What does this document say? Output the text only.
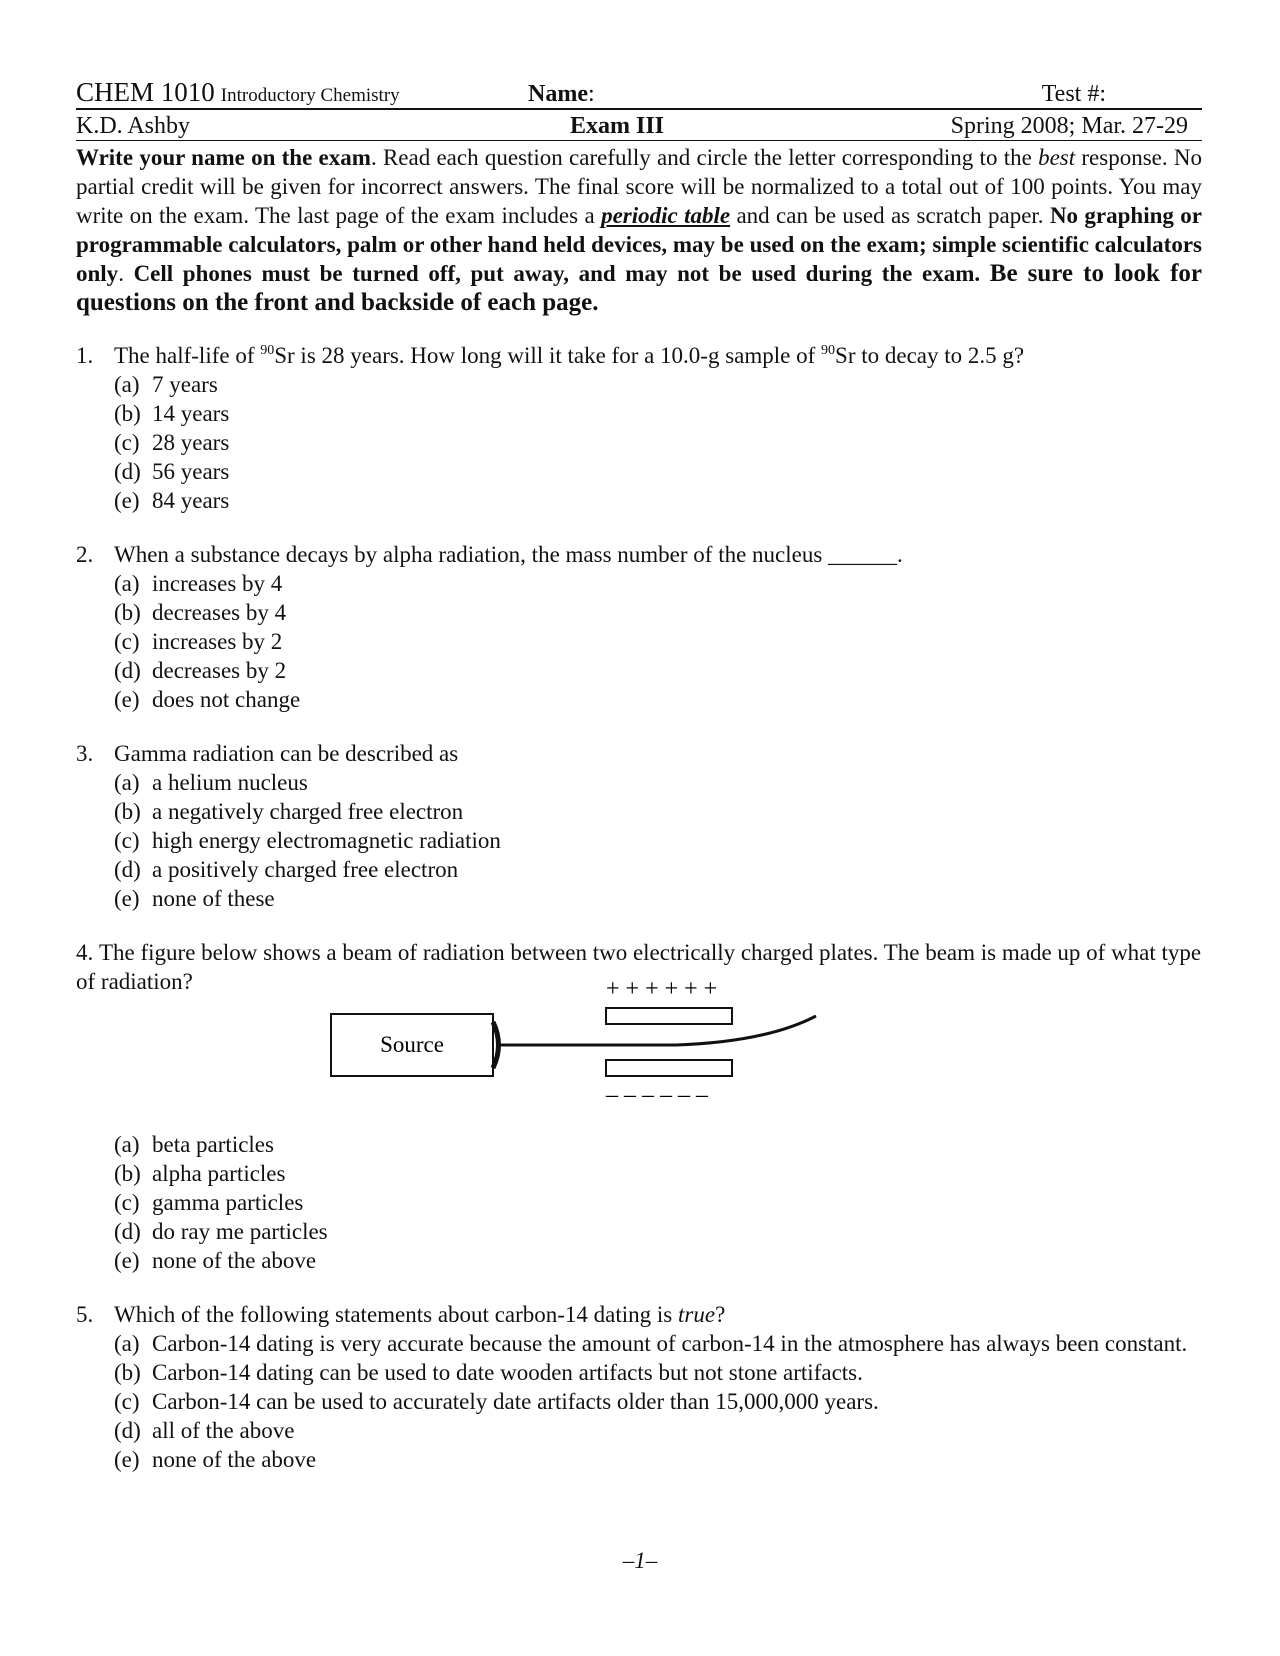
CHEM 1010 Introductory Chemistry	Name:	Test #:
K.D. Ashby	Exam III	Spring 2008; Mar. 27-29
Write your name on the exam. Read each question carefully and circle the letter corresponding to the best response. No partial credit will be given for incorrect answers. The final score will be normalized to a total out of 100 points. You may write on the exam. The last page of the exam includes a periodic table and can be used as scratch paper. No graphing or programmable calculators, palm or other hand held devices, may be used on the exam; simple scientific calculators only. Cell phones must be turned off, put away, and may not be used during the exam. Be sure to look for questions on the front and backside of each page.
1. The half-life of $^{90}$Sr is 28 years. How long will it take for a 10.0-g sample of $^{90}$Sr to decay to 2.5 g?
(a) 7 years
(b) 14 years
(c) 28 years
(d) 56 years
(e) 84 years
2. When a substance decays by alpha radiation, the mass number of the nucleus ______.
(a) increases by 4
(b) decreases by 4
(c) increases by 2
(d) decreases by 2
(e) does not change
3. Gamma radiation can be described as
(a) a helium nucleus
(b) a negatively charged free electron
(c) high energy electromagnetic radiation
(d) a positively charged free electron
(e) none of these
4. The figure below shows a beam of radiation between two electrically charged plates. The beam is made up of what type of radiation?	+ + + + + +
– – – – – –
Source
(a) beta particles
(b) alpha particles
(c) gamma particles
(d) do ray me particles
(e) none of the above
5. Which of the following statements about carbon-14 dating is true?
(a) Carbon-14 dating is very accurate because the amount of carbon-14 in the atmosphere has always been constant.
(b) Carbon-14 dating can be used to date wooden artifacts but not stone artifacts.
(c) Carbon-14 can be used to accurately date artifacts older than 15,000,000 years.
(d) all of the above
(e) none of the above
–1–
